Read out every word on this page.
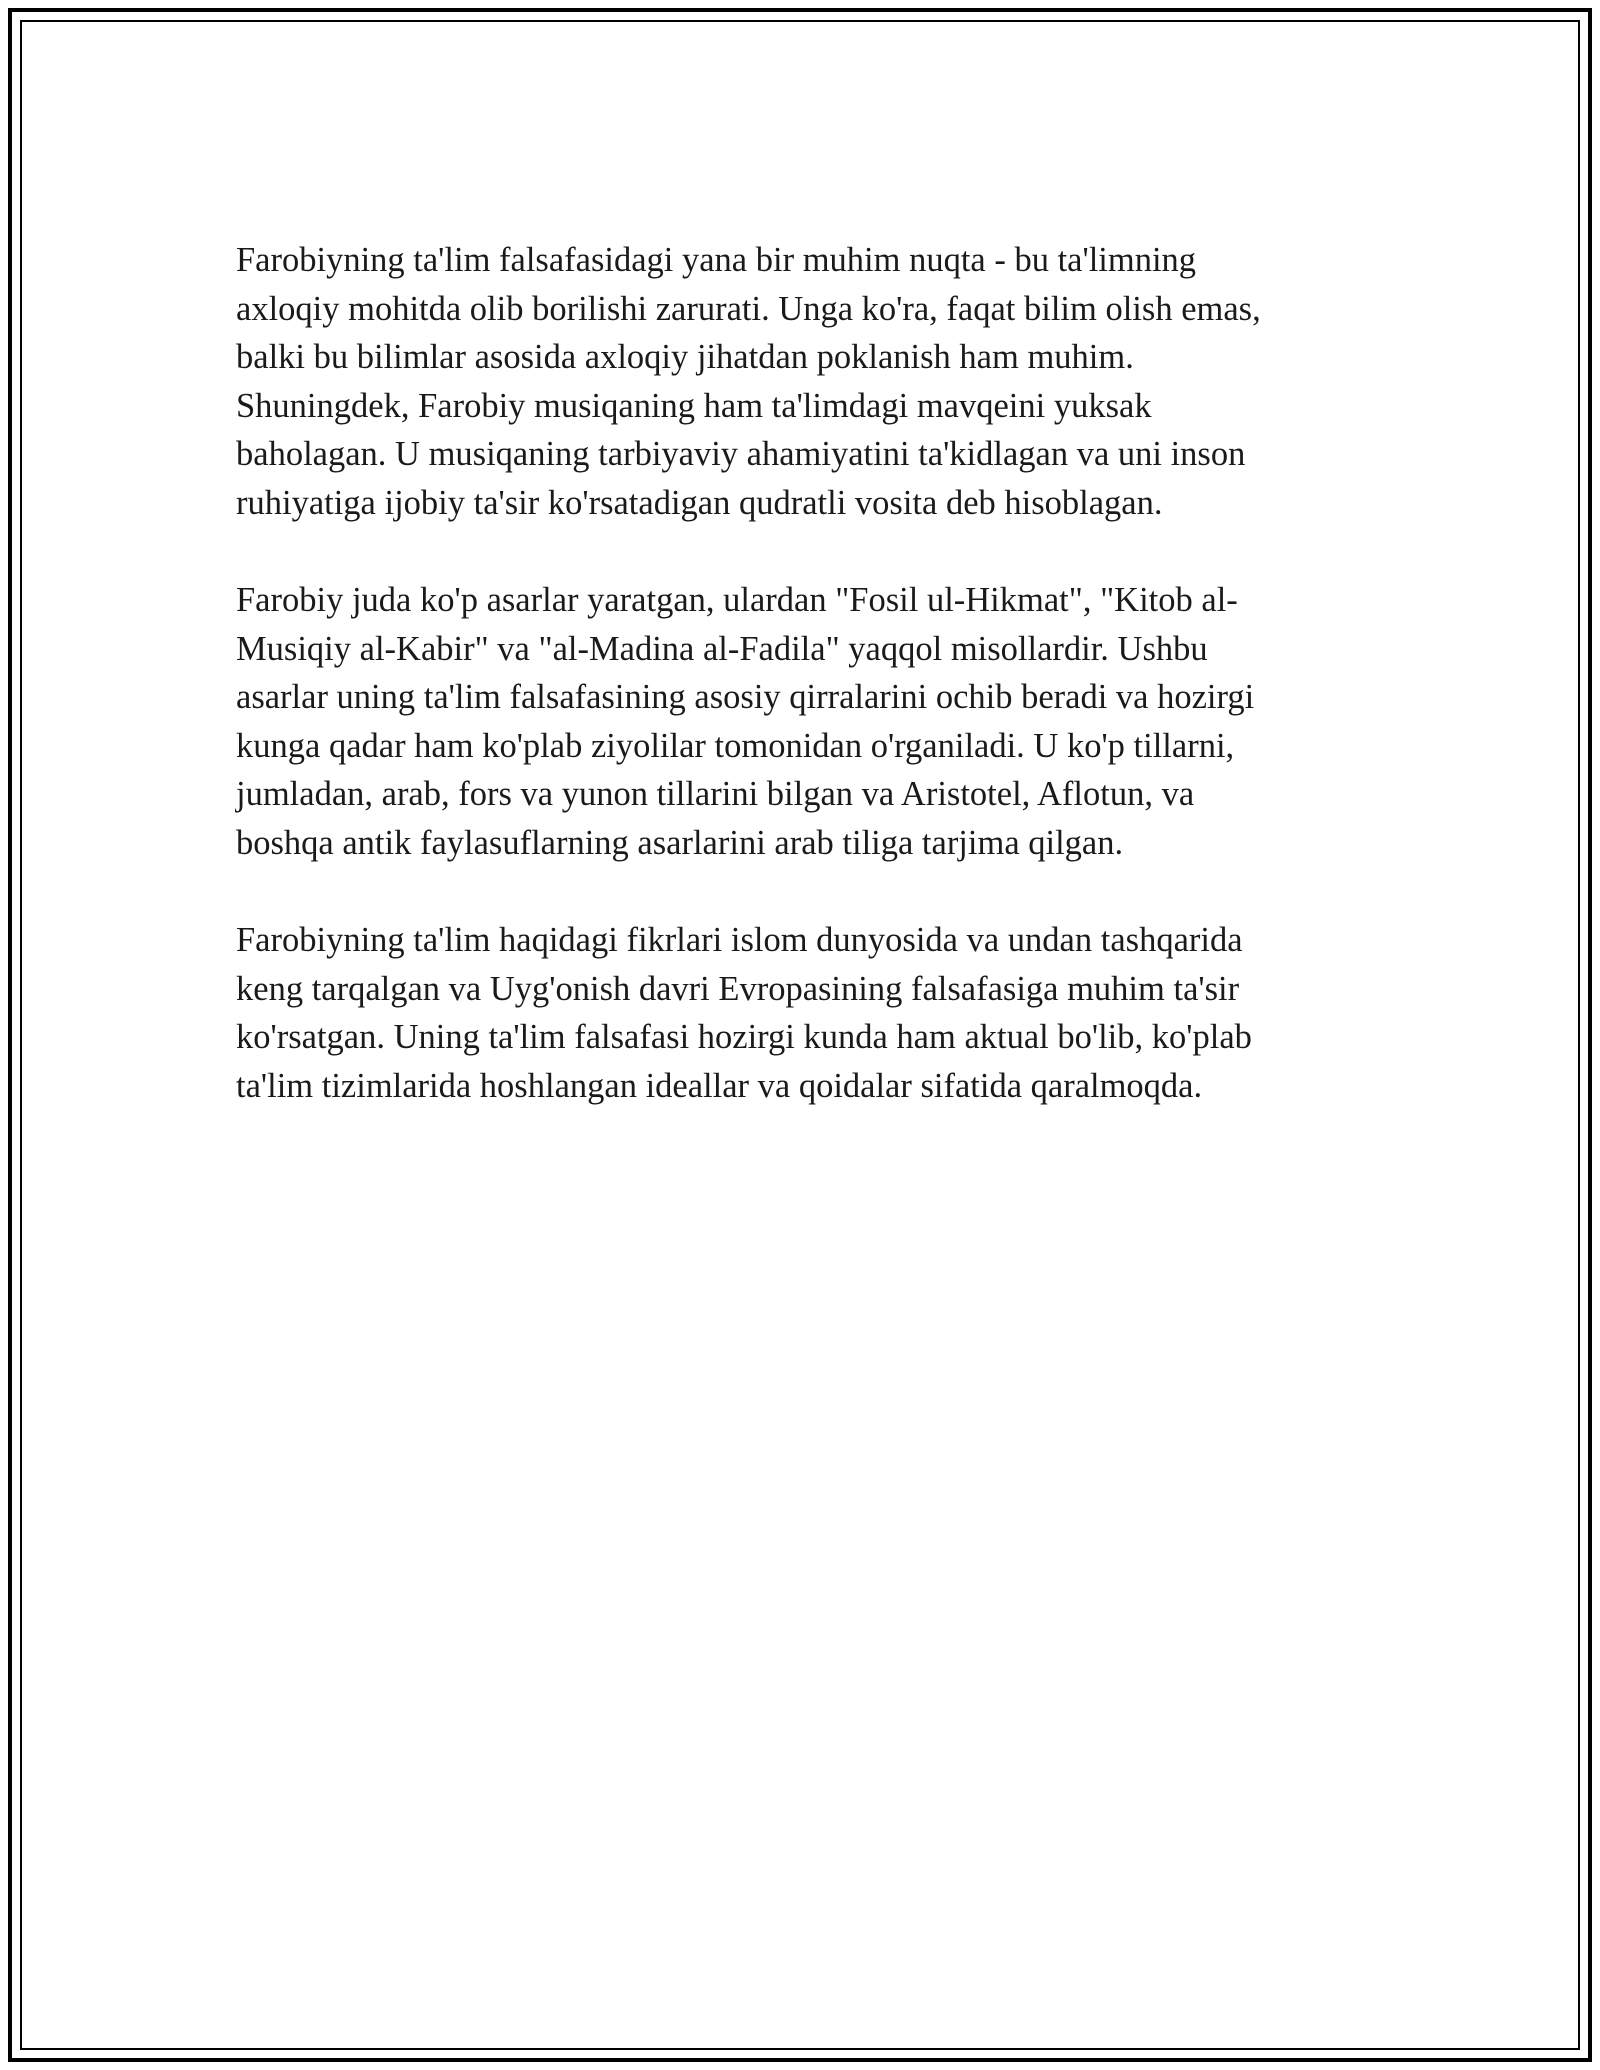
Farobiyning ta'lim falsafasidagi yana bir muhim nuqta - bu ta'limning
axloqiy mohitda olib borilishi zarurati. Unga ko'ra, faqat bilim olish emas,
balki bu bilimlar asosida axloqiy jihatdan poklanish ham muhim.
Shuningdek, Farobiy musiqaning ham ta'limdagi mavqeini yuksak
baholagan. U musiqaning tarbiyaviy ahamiyatini ta'kidlagan va uni inson
ruhiyatiga ijobiy ta'sir ko'rsatadigan qudratli vosita deb hisoblagan.

Farobiy juda ko'p asarlar yaratgan, ulardan "Fosil ul-Hikmat", "Kitob al-
Musiqiy al-Kabir" va "al-Madina al-Fadila" yaqqol misollardir. Ushbu
asarlar uning ta'lim falsafasining asosiy qirralarini ochib beradi va hozirgi
kunga qadar ham ko'plab ziyolilar tomonidan o'rganiladi. U ko'p tillarni,
jumladan, arab, fors va yunon tillarini bilgan va Aristotel, Aflotun, va
boshqa antik faylasuflarning asarlarini arab tiliga tarjima qilgan.

Farobiyning ta'lim haqidagi fikrlari islom dunyosida va undan tashqarida
keng tarqalgan va Uyg'onish davri Evropasining falsafasiga muhim ta'sir
ko'rsatgan. Uning ta'lim falsafasi hozirgi kunda ham aktual bo'lib, ko'plab
ta'lim tizimlarida hoshlangan ideallar va qoidalar sifatida qaralmoqda.
